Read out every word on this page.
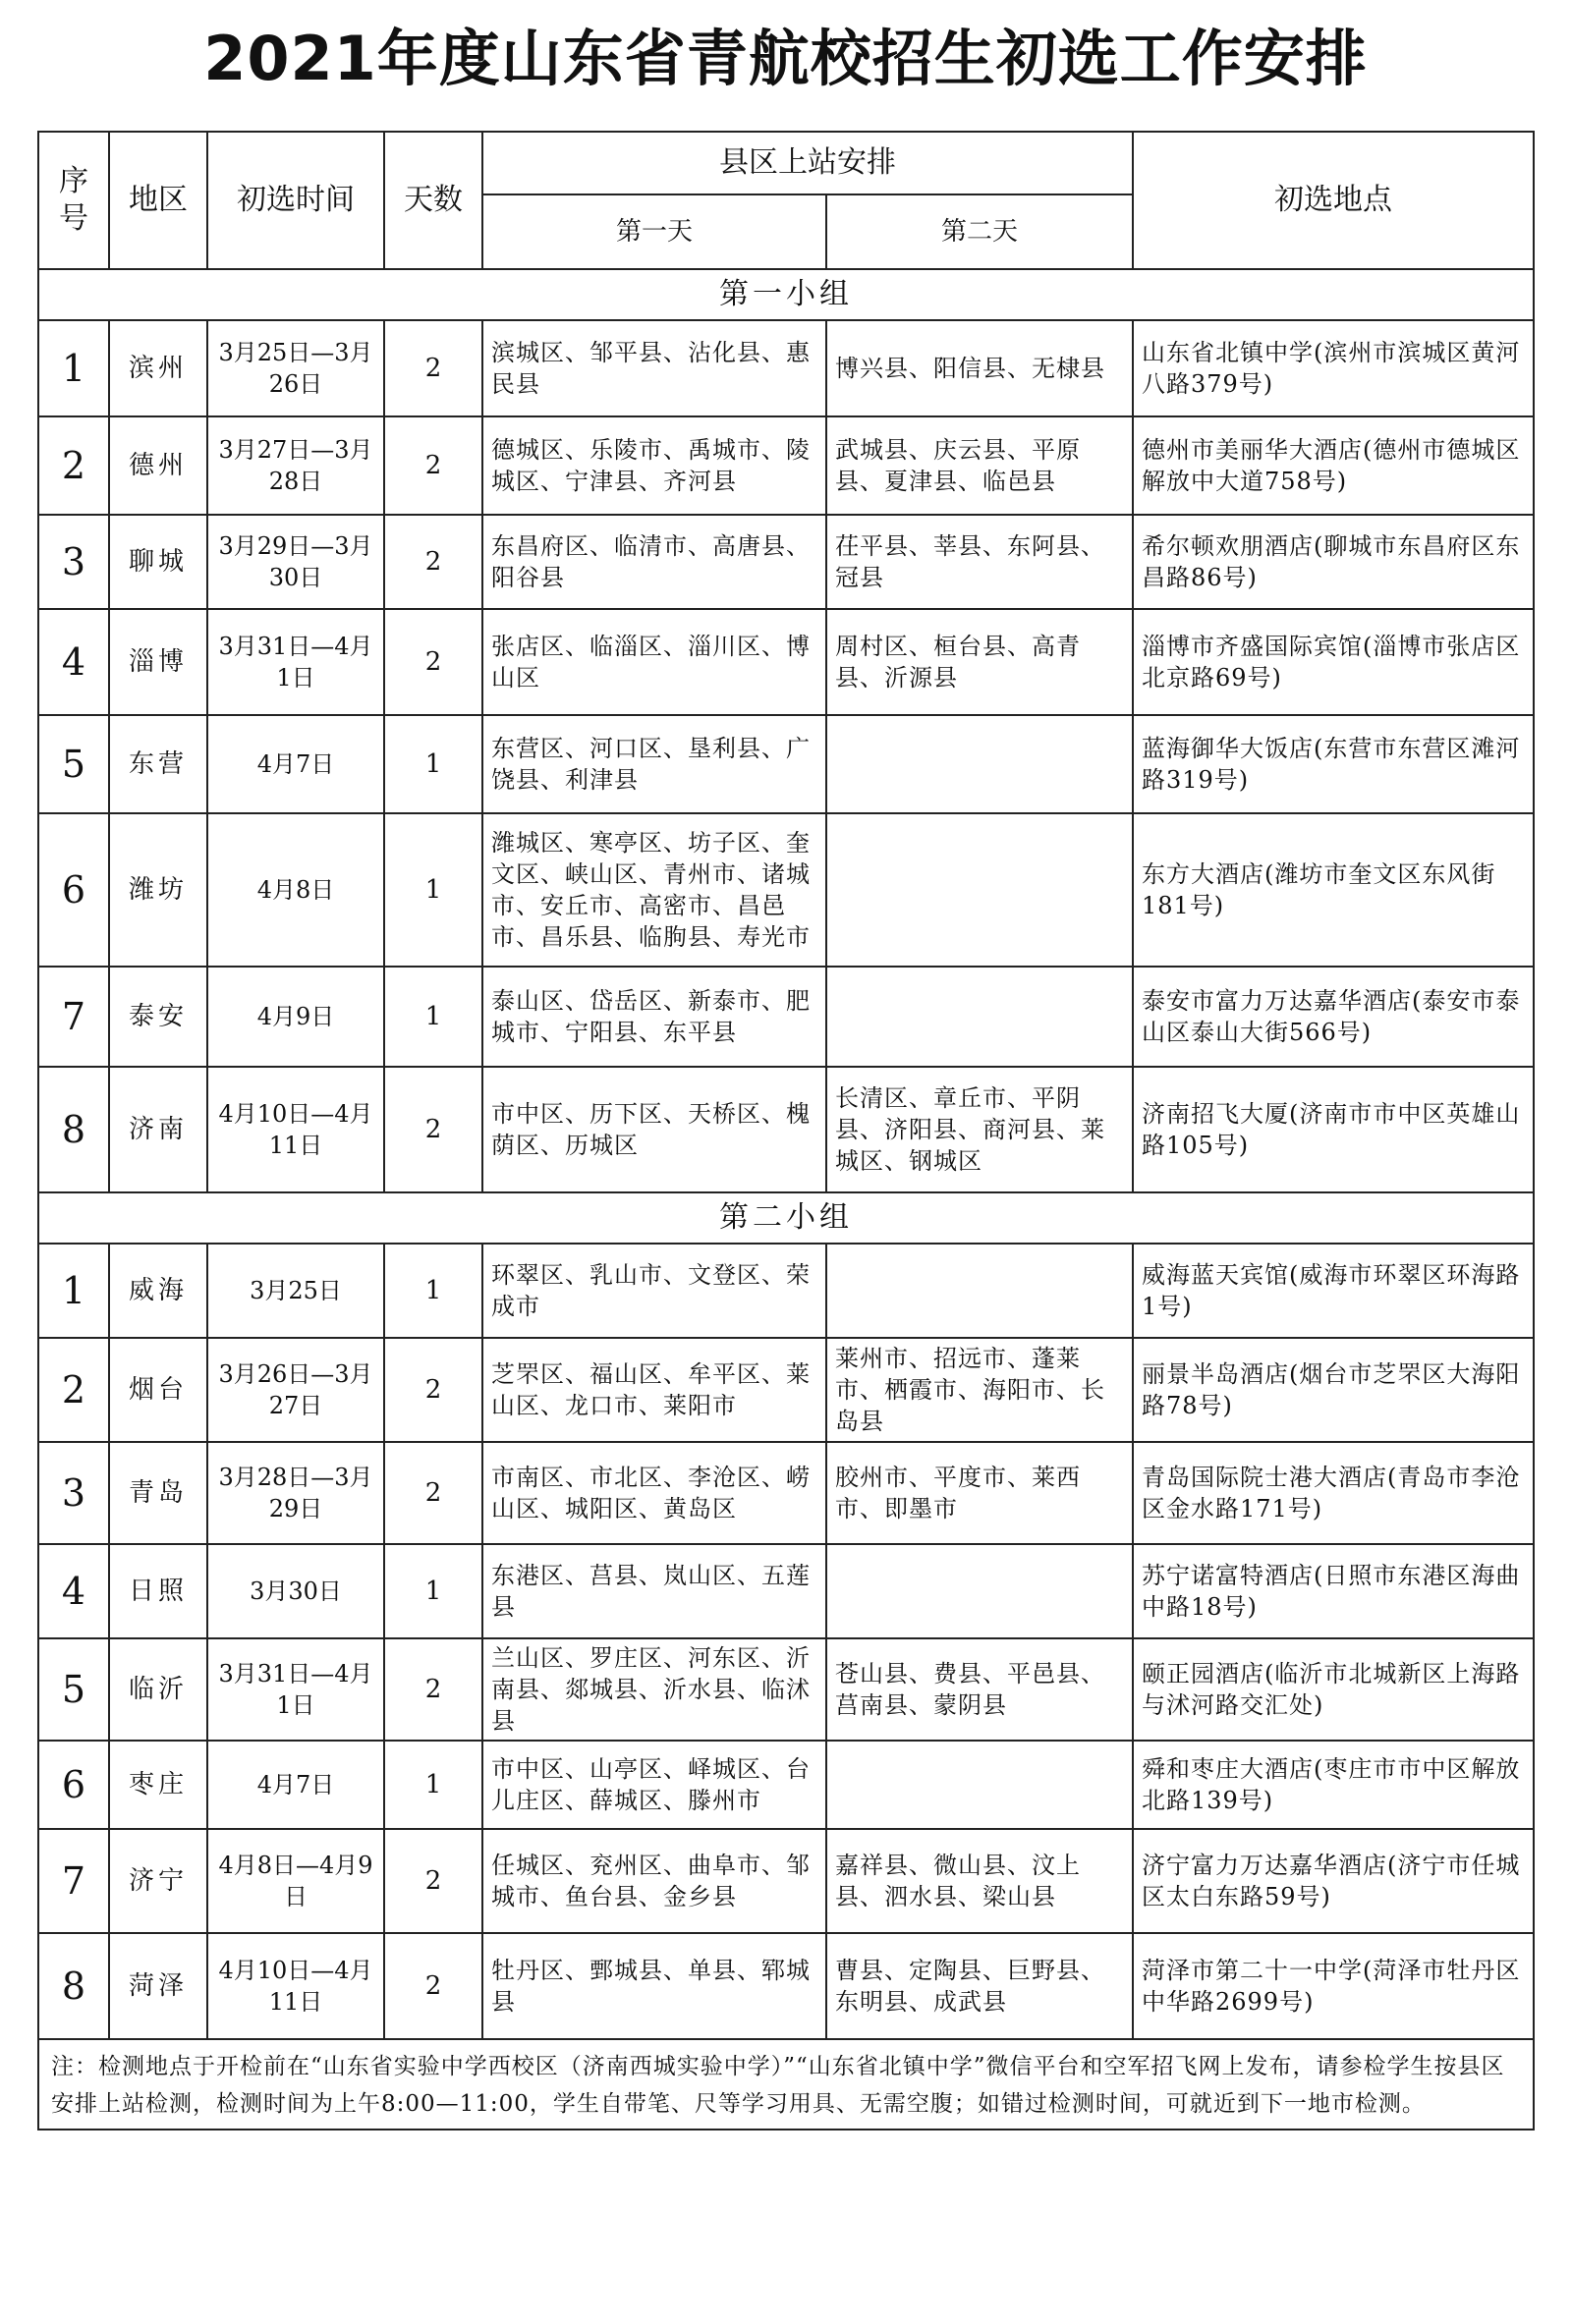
2021年度山东省青航校招生初选工作安排
序号	地区	初选时间	天数	县区上站安排		初选地点
				第一天	第二天	
第一小组						
1	滨州	3月25日—3月26日	2	滨城区、邹平县、沾化县、惠民县	博兴县、阳信县、无棣县	山东省北镇中学(滨州市滨城区黄河八路379号)
2	德州	3月27日—3月28日	2	德城区、乐陵市、禹城市、陵城区、宁津县、齐河县	武城县、庆云县、平原县、夏津县、临邑县	德州市美丽华大酒店(德州市德城区解放中大道758号)
3	聊城	3月29日—3月30日	2	东昌府区、临清市、高唐县、阳谷县	茌平县、莘县、东阿县、冠县	希尔顿欢朋酒店(聊城市东昌府区东昌路86号)
4	淄博	3月31日—4月1日	2	张店区、临淄区、淄川区、博山区	周村区、桓台县、高青县、沂源县	淄博市齐盛国际宾馆(淄博市张店区北京路69号)
5	东营	4月7日	1	东营区、河口区、垦利县、广饶县、利津县		蓝海御华大饭店(东营市东营区滩河路319号)
6	潍坊	4月8日	1	潍城区、寒亭区、坊子区、奎文区、峡山区、青州市、诸城市、安丘市、高密市、昌邑市、昌乐县、临朐县、寿光市		东方大酒店(潍坊市奎文区东风街181号)
7	泰安	4月9日	1	泰山区、岱岳区、新泰市、肥城市、宁阳县、东平县		泰安市富力万达嘉华酒店(泰安市泰山区泰山大街566号)
8	济南	4月10日—4月11日	2	市中区、历下区、天桥区、槐荫区、历城区	长清区、章丘市、平阴县、济阳县、商河县、莱城区、钢城区	济南招飞大厦(济南市市中区英雄山路105号)
第二小组						
1	威海	3月25日	1	环翠区、乳山市、文登区、荣成市		威海蓝天宾馆(威海市环翠区环海路1号)
2	烟台	3月26日—3月27日	2	芝罘区、福山区、牟平区、莱山区、龙口市、莱阳市	莱州市、招远市、蓬莱市、栖霞市、海阳市、长岛县	丽景半岛酒店(烟台市芝罘区大海阳路78号)
3	青岛	3月28日—3月29日	2	市南区、市北区、李沧区、崂山区、城阳区、黄岛区	胶州市、平度市、莱西市、即墨市	青岛国际院士港大酒店(青岛市李沧区金水路171号)
4	日照	3月30日	1	东港区、莒县、岚山区、五莲县		苏宁诺富特酒店(日照市东港区海曲中路18号)
5	临沂	3月31日—4月1日	2	兰山区、罗庄区、河东区、沂南县、郯城县、沂水县、临沭县	苍山县、费县、平邑县、莒南县、蒙阴县	颐正园酒店(临沂市北城新区上海路与沭河路交汇处)
6	枣庄	4月7日	1	市中区、山亭区、峄城区、台儿庄区、薛城区、滕州市		舜和枣庄大酒店(枣庄市市中区解放北路139号)
7	济宁	4月8日—4月9日	2	任城区、兖州区、曲阜市、邹城市、鱼台县、金乡县	嘉祥县、微山县、汶上县、泗水县、梁山县	济宁富力万达嘉华酒店(济宁市任城区太白东路59号)
8	菏泽	4月10日—4月11日	2	牡丹区、鄄城县、单县、郓城县	曹县、定陶县、巨野县、东明县、成武县	菏泽市第二十一中学(菏泽市牡丹区中华路2699号)
注：检测地点于开检前在“山东省实验中学西校区（济南西城实验中学）”“山东省北镇中学”微信平台和空军招飞网上发布，请参检学生按县区安排上站检测，检测时间为上午8:00—11:00，学生自带笔、尺等学习用具、无需空腹；如错过检测时间，可就近到下一地市检测。						
